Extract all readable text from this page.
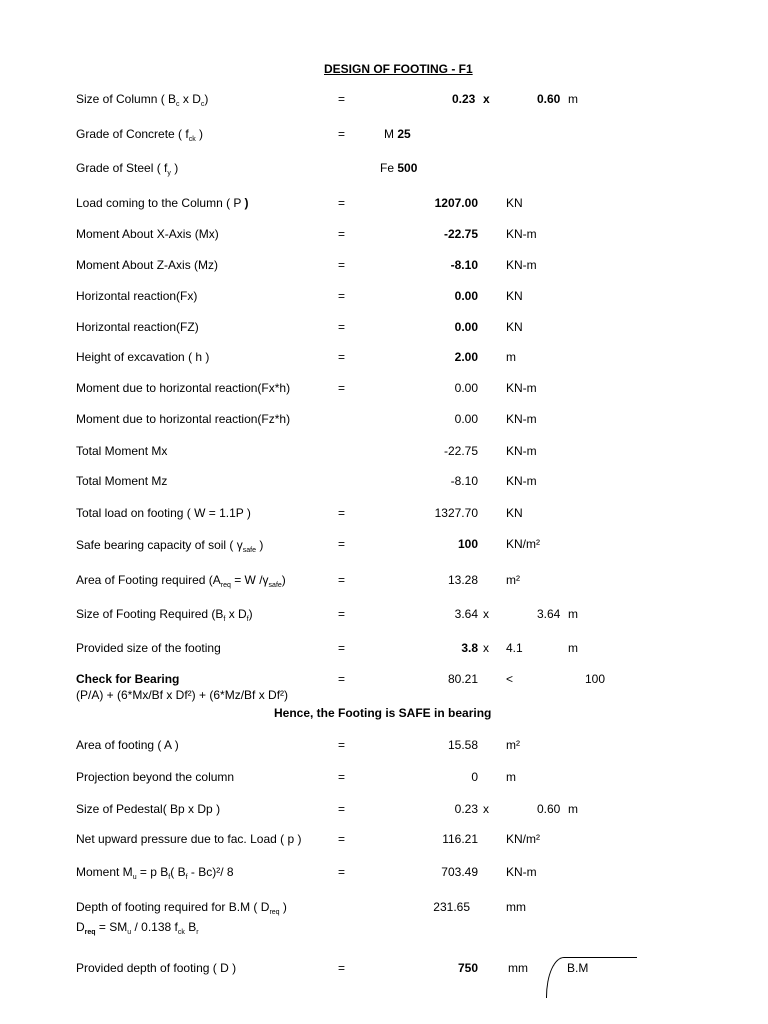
DESIGN OF FOOTING - F1
Size of Column ( $B_c$ x $D_c$)	=	0.23 x	0.60 m
Grade of Concrete ( $f_{ck}$ )	=	M 25
Grade of Steel ( $f_y$ )	Fe 500
Load coming to the Column ( P )	=	1207.00 KN
Moment About X-Axis (Mx)	=	-22.75 KN-m
Moment About Z-Axis (Mz)	=	-8.10 KN-m
Horizontal reaction(Fx)	=	0.00 KN
Horizontal reaction(FZ)	=	0.00 KN
Height of excavation ( h )	=	2.00 m
Moment due to horizontal reaction(Fx*h)	=	0.00 KN-m
Moment due to horizontal reaction(Fz*h)	0.00 KN-m
Total Moment Mx	-22.75 KN-m
Total Moment Mz	-8.10 KN-m
Total load on footing ( W = 1.1P )	=	1327.70 KN
Safe bearing capacity of soil ( $\gamma_{safe}$ )	=	100 KN/m²
Area of Footing required ($A_{req} = W$ $/\gamma_{safe}$)	=	13.28 m²
Size of Footing Required ($B_f$ x $D_f$)	=	3.64 x	3.64 m
Provided size of the footing	=	3.8 x 4.1	m
Check for Bearing	=	80.21 <	100
(P/A) + (6*Mx/Bf x Df²) + (6*Mz/Bf x Df²)
Hence, the Footing is SAFE in bearing
Area of footing ( A )	=	15.58 m²
Projection beyond the column	=	0 m
Size of Pedestal( Bp x Dp )	=	0.23 x	0.60 m
Net upward pressure due to fac. Load ( p )	=	116.21 KN/m²
Moment $M_u = p$ $B_f$( $B_f - Bc)^2/$ 8	=	703.49 KN-m
Depth of footing required for B.M ( $D_{req}$ )	231.65	mm
$D_{req} = SM_u / 0.138$ $f_{ck}$ $B_r$
Provided depth of footing ( D )	=	750	mm	B.M
